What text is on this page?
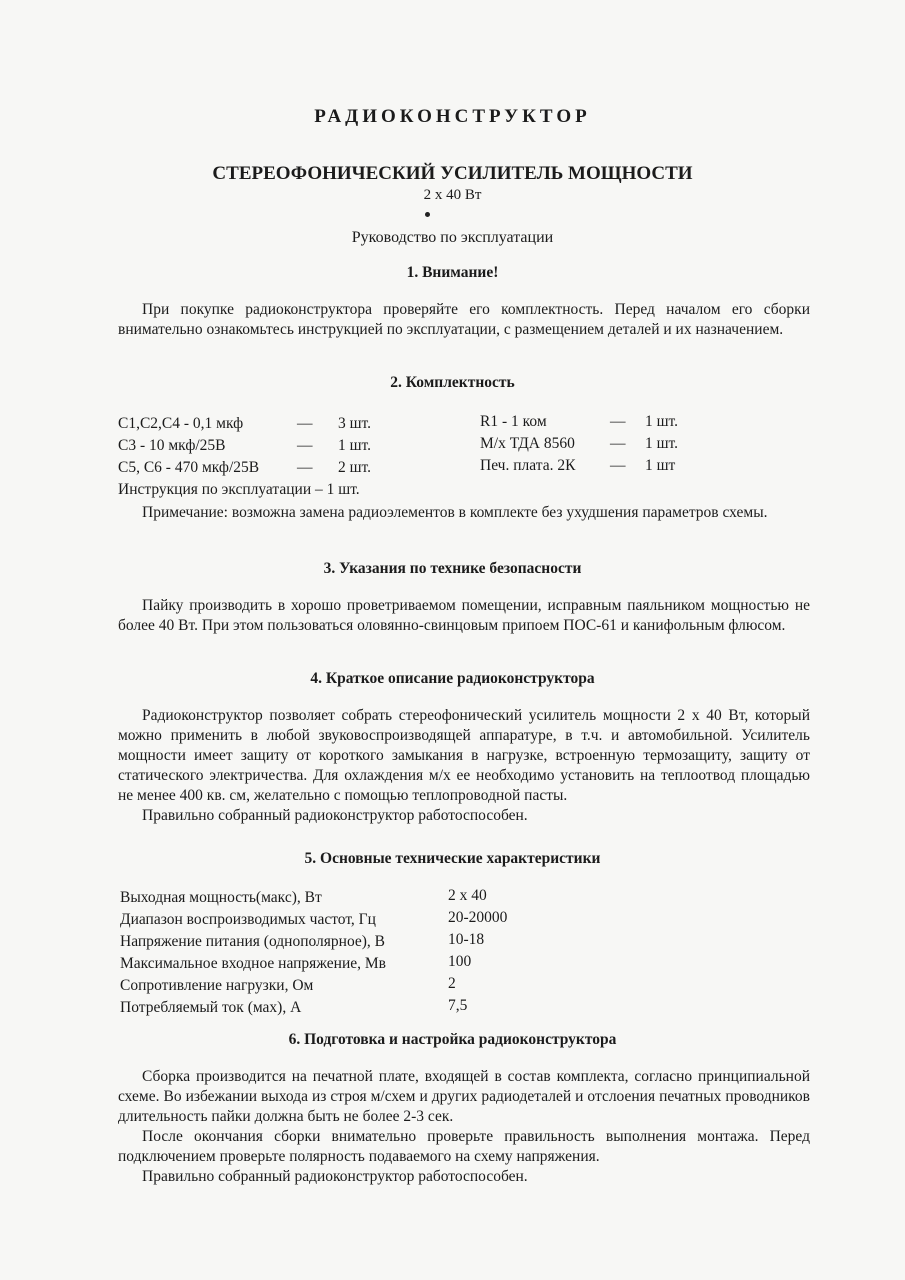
РАДИОКОНСТРУКТОР
СТЕРЕОФОНИЧЕСКИЙ УСИЛИТЕЛЬ МОЩНОСТИ
2 х 40 Вт
Руководство по эксплуатации
1. Внимание!

При покупке радиоконструктора проверяйте его комплектность. Перед началом его сборки внимательно ознакомьтесь инструкцией по эксплуатации, с размещением деталей и их назначением.

2. Комплектность
С1,С2,С4 - 0,1 мкф	— 3 шт.
С3 - 10 мкф/25В	— 1 шт.
С5, С6 - 470 мкф/25В — 2 шт.
R1 - 1 ком	— 1 шт.
М/х ТДА 8560 — 1 шт.
Печ. плата. 2К — 1 шт
Инструкция по эксплуатации – 1 шт.

Примечание: возможна замена радиоэлементов в комплекте без ухудшения параметров схемы.

3. Указания по технике безопасности

Пайку производить в хорошо проветриваемом помещении, исправным паяльником мощностью не более 40 Вт. При этом пользоваться оловянно-свинцовым припоем ПОС-61 и канифольным флюсом.

4. Краткое описание радиоконструктора

Радиоконструктор позволяет собрать стереофонический усилитель мощности 2 х 40 Вт, который можно применить в любой звуковоспроизводящей аппаратуре, в т.ч. и автомобильной. Усилитель мощности имеет защиту от короткого замыкания в нагрузке, встроенную термозащиту, защиту от статического электричества. Для охлаждения м/х ее необходимо установить на теплоотвод площадью не менее 400 кв. см, желательно с помощью теплопроводной пасты.

Правильно собранный радиоконструктор работоспособен.

5. Основные технические характеристики
Выходная мощность(макс), Вт	2 х 40
Диапазон воспроизводимых частот, Гц	20-20000
Напряжение питания (однополярное), В	10-18
Максимальное входное напряжение, Мв	100
Сопротивление нагрузки, Ом	2
Потребляемый ток (мах), А	7,5
6. Подготовка и настройка радиоконструктора

Сборка производится на печатной плате, входящей в состав комплекта, согласно принципиальной схеме. Во избежании выхода из строя м/схем и других радиодеталей и отслоения печатных проводников длительность пайки должна быть не более 2-3 сек.

После окончания сборки внимательно проверьте правильность выполнения монтажа. Перед подключением проверьте полярность подаваемого на схему напряжения.

Правильно собранный радиоконструктор работоспособен.
